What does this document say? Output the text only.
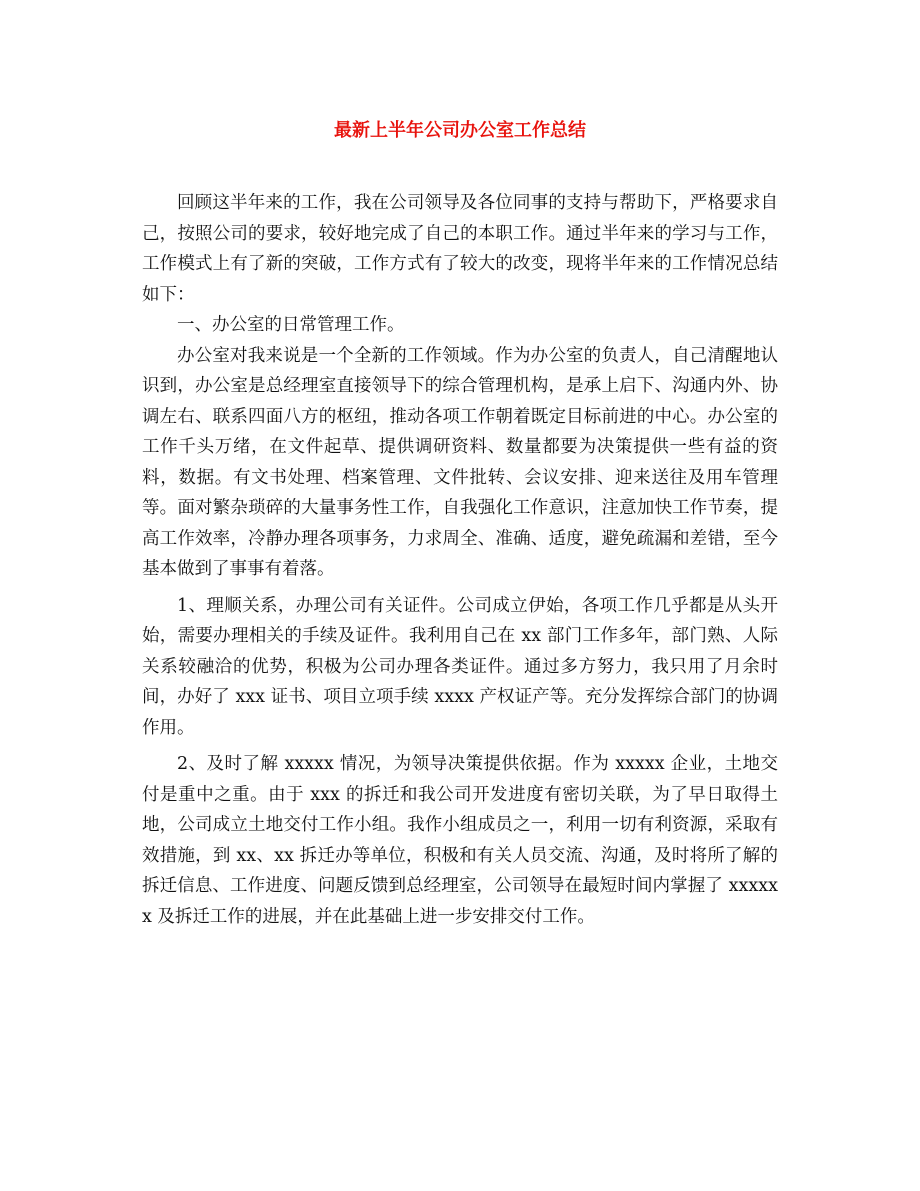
最新上半年公司办公室工作总结

回顾这半年来的工作，我在公司领导及各位同事的支持与帮助下，严格要求自己，按照公司的要求，较好地完成了自己的本职工作。通过半年来的学习与工作，工作模式上有了新的突破，工作方式有了较大的改变，现将半年来的工作情况总结如下：

一、办公室的日常管理工作。

办公室对我来说是一个全新的工作领域。作为办公室的负责人，自己清醒地认识到，办公室是总经理室直接领导下的综合管理机构，是承上启下、沟通内外、协调左右、联系四面八方的枢纽，推动各项工作朝着既定目标前进的中心。办公室的工作千头万绪，在文件起草、提供调研资料、数量都要为决策提供一些有益的资料，数据。有文书处理、档案管理、文件批转、会议安排、迎来送往及用车管理等。面对繁杂琐碎的大量事务性工作，自我强化工作意识，注意加快工作节奏，提高工作效率，冷静办理各项事务，力求周全、准确、适度，避免疏漏和差错，至今基本做到了事事有着落。

1、理顺关系，办理公司有关证件。公司成立伊始，各项工作几乎都是从头开始，需要办理相关的手续及证件。我利用自己在 xx 部门工作多年，部门熟、人际关系较融洽的优势，积极为公司办理各类证件。通过多方努力，我只用了月余时间，办好了 xxx 证书、项目立项手续 xxxx 产权证产等。充分发挥综合部门的协调作用。

2、及时了解 xxxxx 情况，为领导决策提供依据。作为 xxxxx 企业，土地交付是重中之重。由于 xxx 的拆迁和我公司开发进度有密切关联，为了早日取得土地，公司成立土地交付工作小组。我作小组成员之一，利用一切有利资源，采取有效措施，到 xx、xx 拆迁办等单位，积极和有关人员交流、沟通，及时将所了解的拆迁信息、工作进度、问题反馈到总经理室，公司领导在最短时间内掌握了 xxxxxx 及拆迁工作的进展，并在此基础上进一步安排交付工作。
